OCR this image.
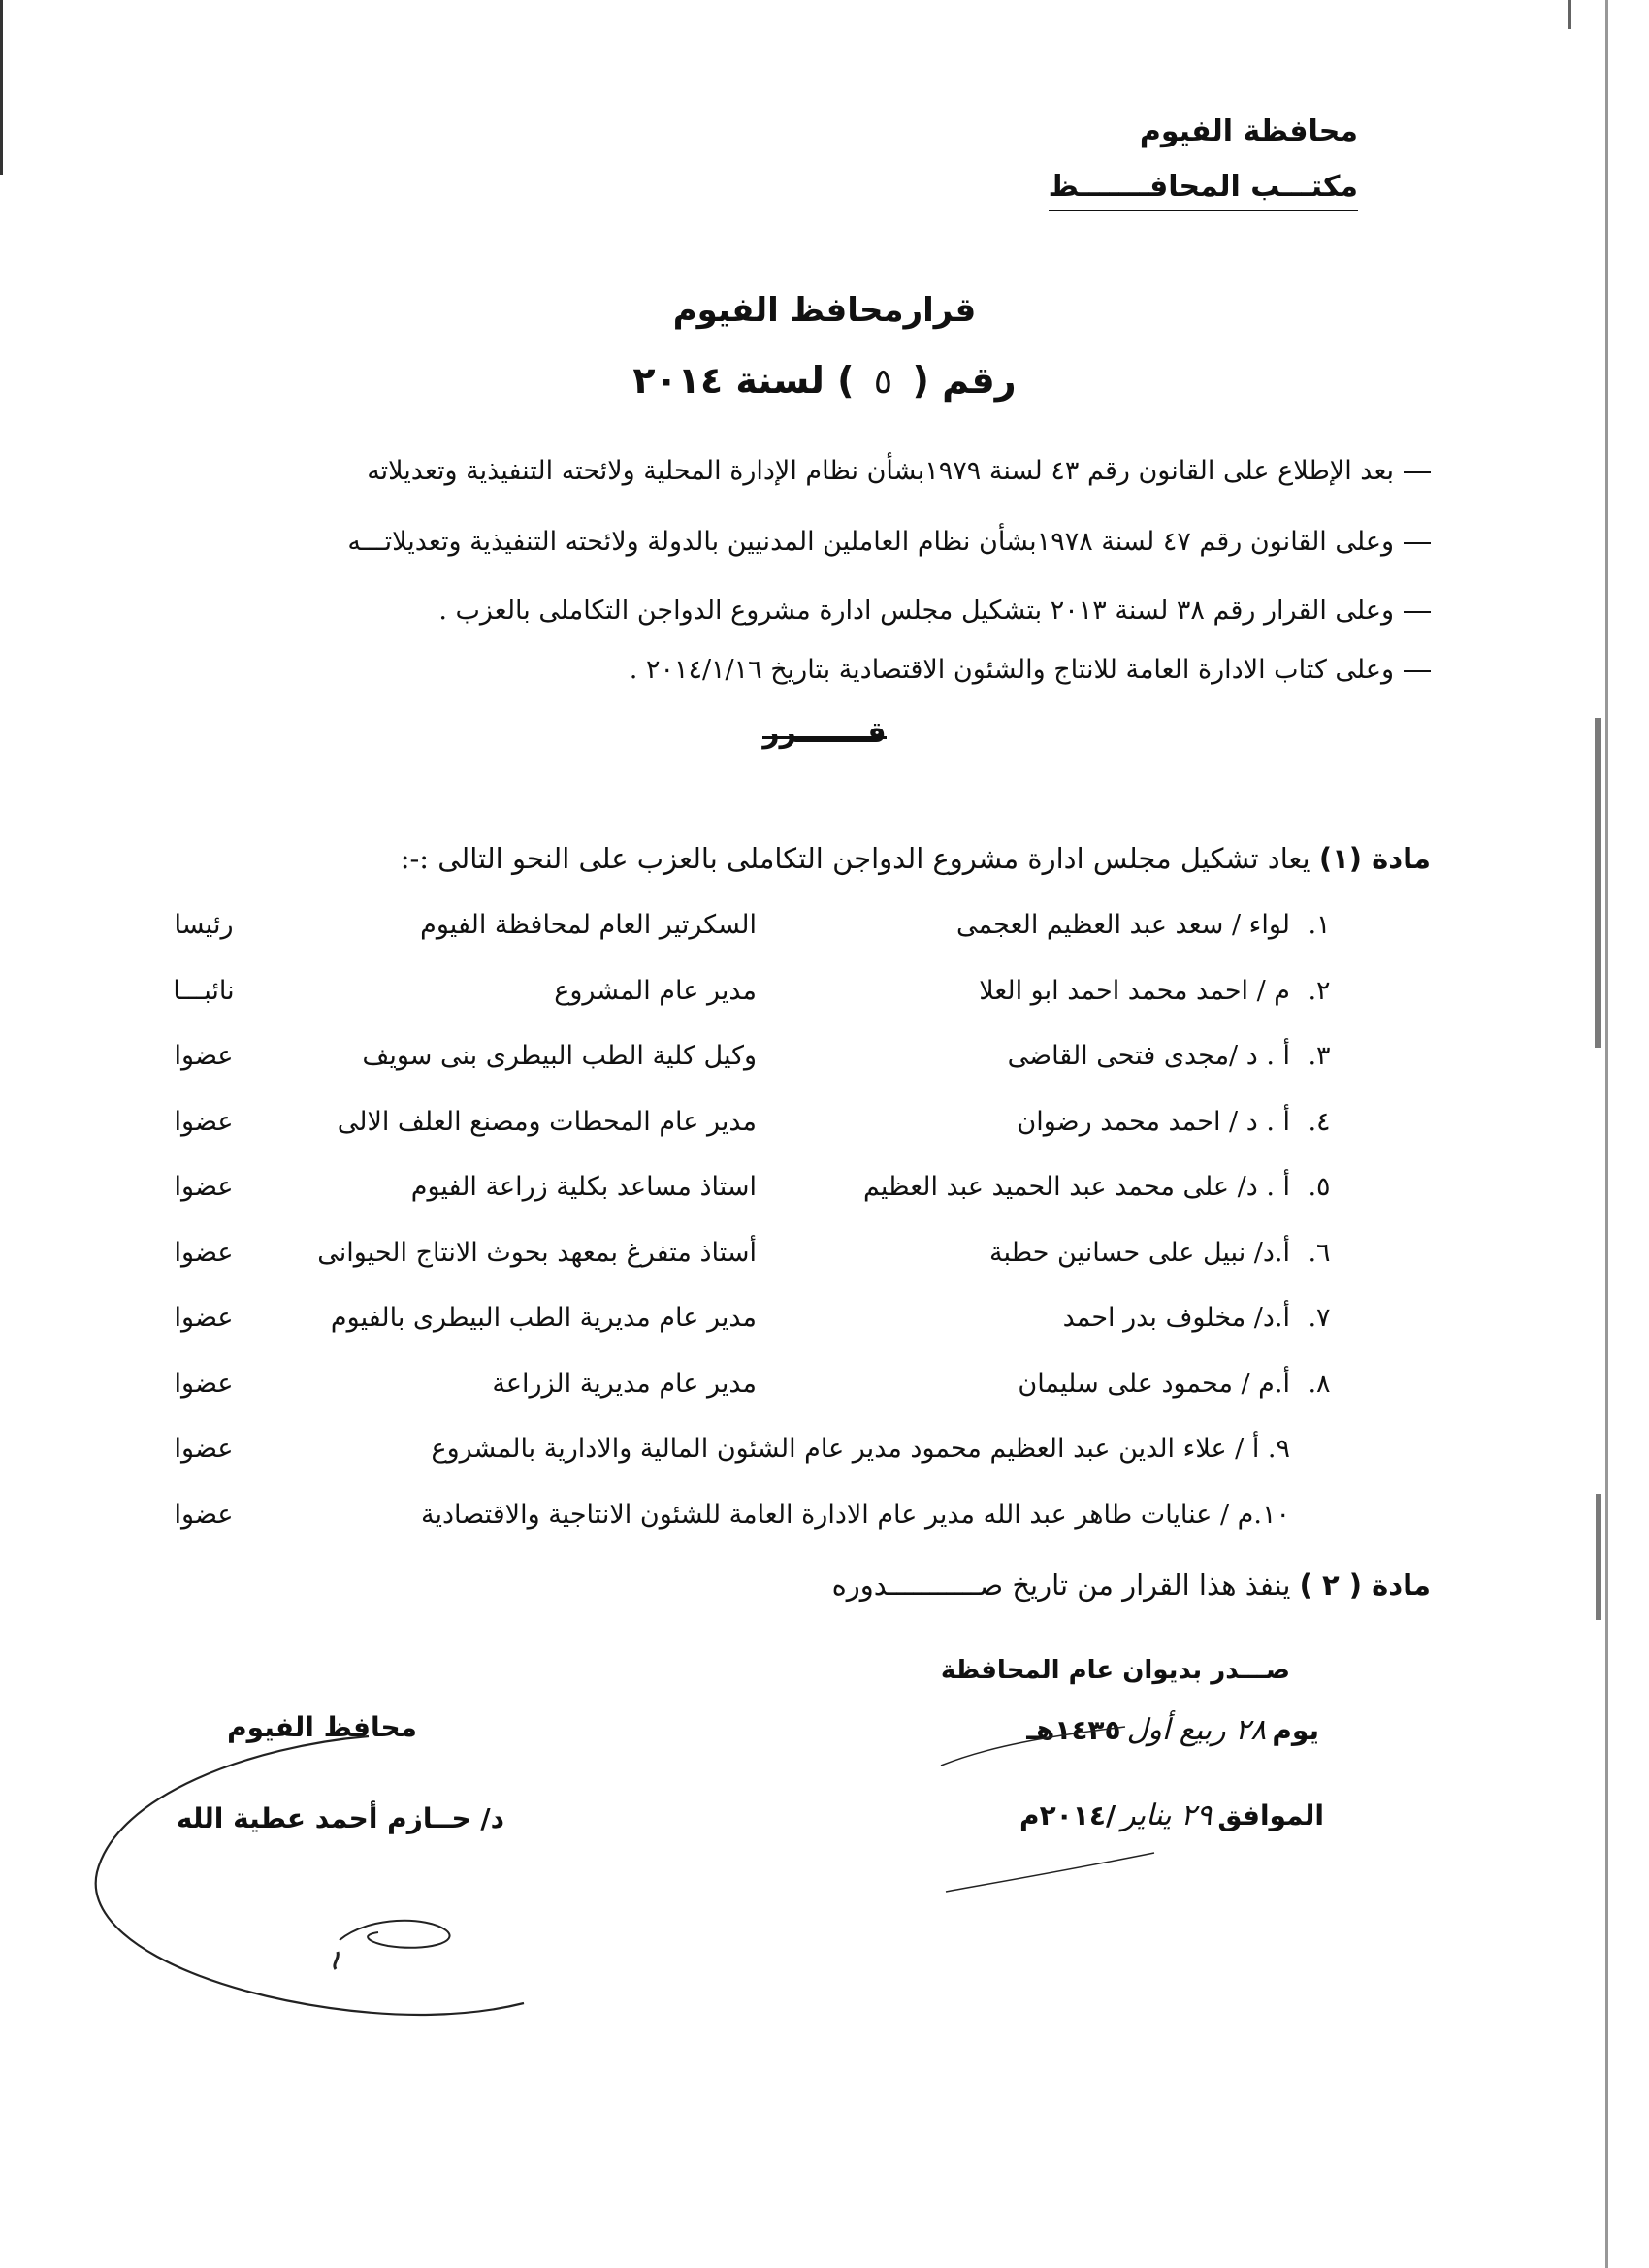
محافظة الفيوم
مكتـــب المحافـــــــظ
قرارمحافظ الفيوم
رقم (٥) لسنة ٢٠١٤
بعد الإطلاع على القانون رقم ٤٣ لسنة ١٩٧٩بشأن نظام الإدارة المحلية ولائحته التنفيذية وتعديلاته
وعلى القانون رقم ٤٧ لسنة ١٩٧٨بشأن نظام العاملين المدنيين بالدولة ولائحته التنفيذية وتعديلاتـــه
وعلى القرار رقم ٣٨ لسنة ٢٠١٣ بتشكيل مجلس ادارة مشروع الدواجن التكاملى بالعزب .
وعلى كتاب الادارة العامة للانتاج والشئون الاقتصادية بتاريخ ٢٠١٤/١/١٦ .
قـــــــرر
مادة (١) يعاد تشكيل مجلس ادارة مشروع الدواجن التكاملى بالعزب على النحو التالى :-:
١.
لواء / سعد عبد العظيم العجمى
السكرتير العام لمحافظة الفيوم
رئيسا
٢.
م / احمد محمد احمد ابو العلا
مدير عام المشروع
نائبـــا
٣.
أ . د /مجدى فتحى القاضى
وكيل كلية الطب البيطرى بنى سويف
عضوا
٤.
أ . د / احمد محمد رضوان
مدير عام المحطات ومصنع العلف الالى
عضوا
٥.
أ . د/ على محمد عبد الحميد عبد العظيم
استاذ مساعد بكلية زراعة الفيوم
عضوا
٦.
أ.د/ نبيل على حسانين حطبة
أستاذ متفرغ بمعهد بحوث الانتاج الحيوانى
عضوا
٧.
أ.د/ مخلوف بدر احمد
مدير عام مديرية الطب البيطرى بالفيوم
عضوا
٨.
أ.م / محمود على سليمان
مدير عام مديرية الزراعة
عضوا
٩. أ / علاء الدين عبد العظيم محمود مدير عام الشئون المالية والادارية بالمشروع
عضوا
١٠.م / عنايات طاهر عبد الله مدير عام الادارة العامة للشئون الانتاجية والاقتصادية
عضوا
مادة ( ٢ ) ينفذ هذا القرار من تاريخ صـــــــــــدوره
صـــدر بديوان عام المحافظة
يوم٢٨ ربيع أول١٤٣٥هـ
الموافق٢٩ يناير/٢٠١٤م
محافظ الفيوم
د/ حــازم أحمد عطية الله
